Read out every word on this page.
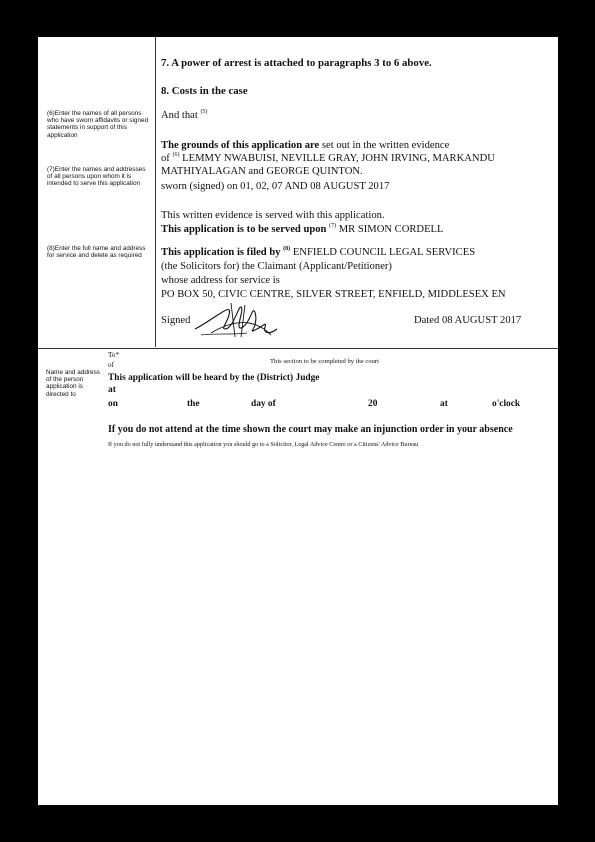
7. A power of arrest is attached to paragraphs 3 to 6 above.
8. Costs in the case
(6)Enter the names of all persons who have sworn affidavits or signed statements in support of this application
(7)Enter the names and addresses of all persons upon whom it is intended to serve this application
(8)Enter the full name and address for service and delete as required
And that $^{(5)}$
The grounds of this application are set out in the written evidence
of $^{(6)}$ LEMMY NWABUISI, NEVILLE GRAY, JOHN IRVING, MARKANDU
MATHIYALAGAN and GEORGE QUINTON.
sworn (signed) on 01, 02, 07 AND 08 AUGUST 2017
This written evidence is served with this application.
This application is to be served upon $^{(7)}$ MR SIMON CORDELL
This application is filed by $^{(8)}$ ENFIELD COUNCIL LEGAL SERVICES
(the Solicitors for) the Claimant (Applicant/Petitioner)
whose address for service is
PO BOX 50, CIVIC CENTRE, SILVER STREET, ENFIELD, MIDDLESEX EN
Signed	Dated 08 AUGUST 2017
To*
of	This section to be completed by the court
Name and address of the person application is directed to
This application will be heard by the (District) Judge
at
on	the	day of	20	at	o'clock
If you do not attend at the time shown the court may make an injunction order in your absence
If you do not fully understand this application you should go to a Solicitor, Legal Advice Centre or a Citizens' Advice Bureau
